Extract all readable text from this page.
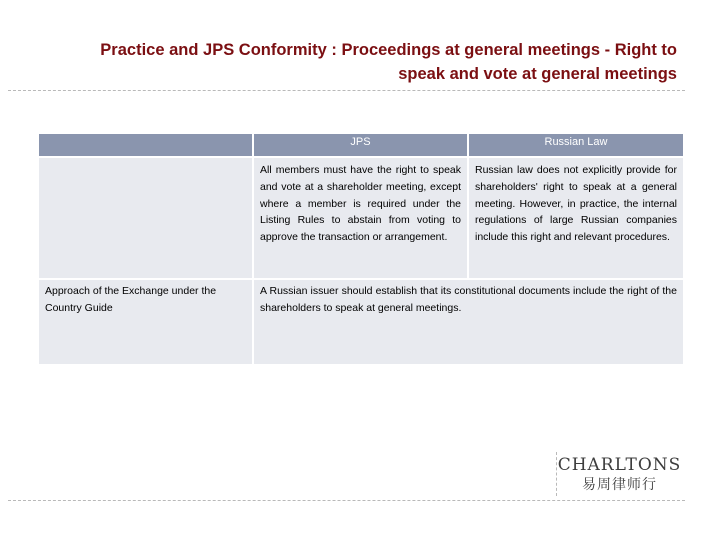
Practice and JPS Conformity : Proceedings at general meetings - Right to speak and vote at general meetings
	JPS	Russian Law
	All members must have the right to speak and vote at a shareholder meeting, except where a member is required under the Listing Rules to abstain from voting to approve the transaction or arrangement.	Russian law does not explicitly provide for shareholders' right to speak at a general meeting. However, in practice, the internal regulations of large Russian companies include this right and relevant procedures.
Approach of the Exchange under the Country Guide	A Russian issuer should establish that its constitutional documents include the right of the shareholders to speak at general meetings.	
CHARLTONS
易周律师行
